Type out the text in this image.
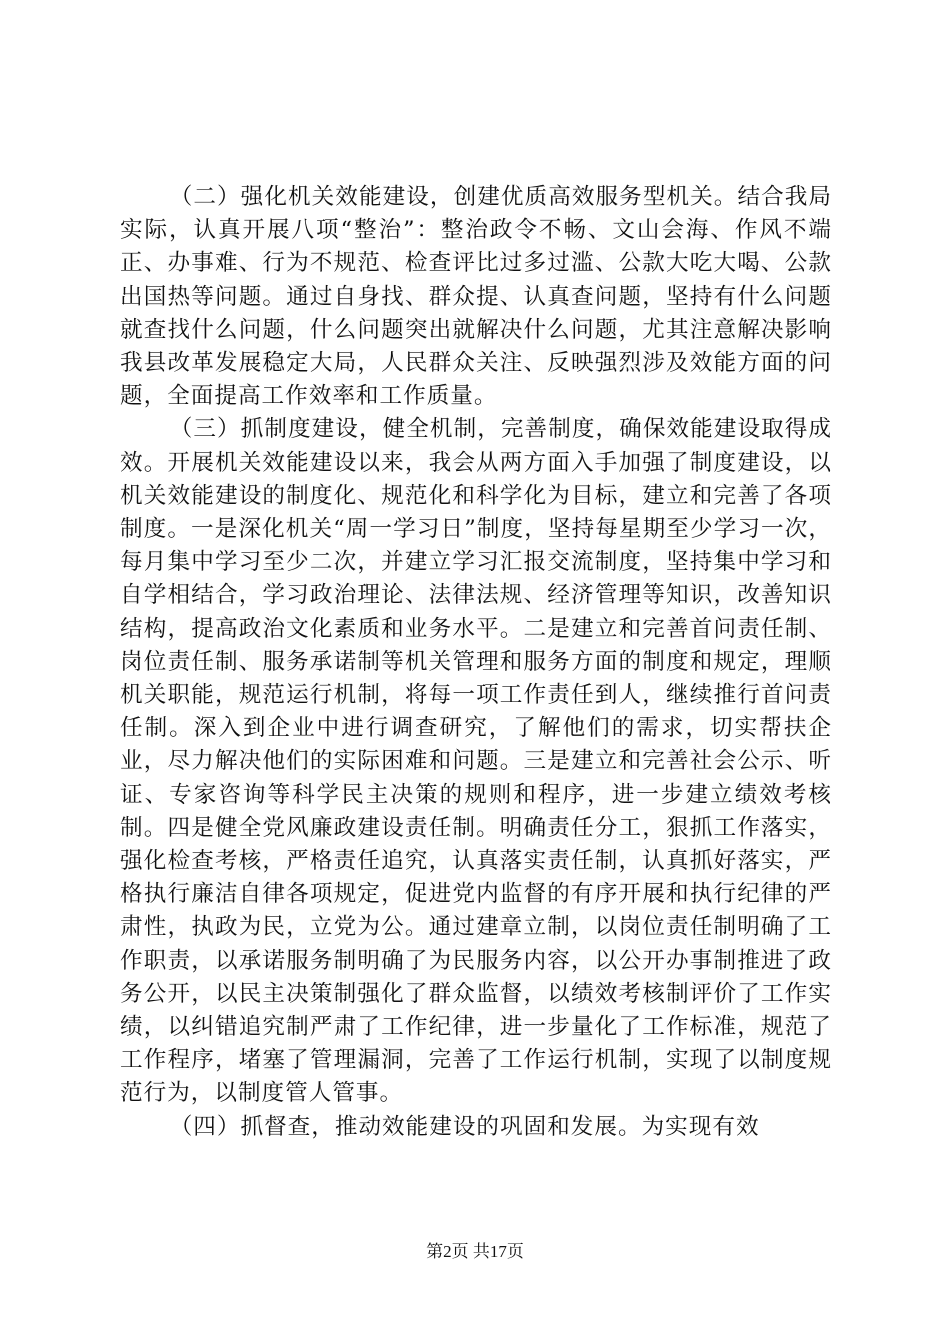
（二）强化机关效能建设，创建优质高效服务型机关。结合我局实际，认真开展八项“整治”：整治政令不畅、文山会海、作风不端正、办事难、行为不规范、检查评比过多过滥、公款大吃大喝、公款出国热等问题。通过自身找、群众提、认真查问题，坚持有什么问题就查找什么问题，什么问题突出就解决什么问题，尤其注意解决影响我县改革发展稳定大局，人民群众关注、反映强烈涉及效能方面的问题，全面提高工作效率和工作质量。

（三）抓制度建设，健全机制，完善制度，确保效能建设取得成效。开展机关效能建设以来，我会从两方面入手加强了制度建设，以机关效能建设的制度化、规范化和科学化为目标，建立和完善了各项制度。一是深化机关“周一学习日”制度，坚持每星期至少学习一次，每月集中学习至少二次，并建立学习汇报交流制度，坚持集中学习和自学相结合，学习政治理论、法律法规、经济管理等知识，改善知识结构，提高政治文化素质和业务水平。二是建立和完善首问责任制、岗位责任制、服务承诺制等机关管理和服务方面的制度和规定，理顺机关职能，规范运行机制，将每一项工作责任到人，继续推行首问责任制。深入到企业中进行调查研究，了解他们的需求，切实帮扶企业，尽力解决他们的实际困难和问题。三是建立和完善社会公示、听证、专家咨询等科学民主决策的规则和程序，进一步建立绩效考核制。四是健全党风廉政建设责任制。明确责任分工，狠抓工作落实，强化检查考核，严格责任追究，认真落实责任制，认真抓好落实，严格执行廉洁自律各项规定，促进党内监督的有序开展和执行纪律的严肃性，执政为民，立党为公。通过建章立制，以岗位责任制明确了工作职责，以承诺服务制明确了为民服务内容，以公开办事制推进了政务公开，以民主决策制强化了群众监督，以绩效考核制评价了工作实绩，以纠错追究制严肃了工作纪律，进一步量化了工作标准，规范了工作程序，堵塞了管理漏洞，完善了工作运行机制，实现了以制度规范行为，以制度管人管事。

（四）抓督查，推动效能建设的巩固和发展。为实现有效

第2页 共17页
